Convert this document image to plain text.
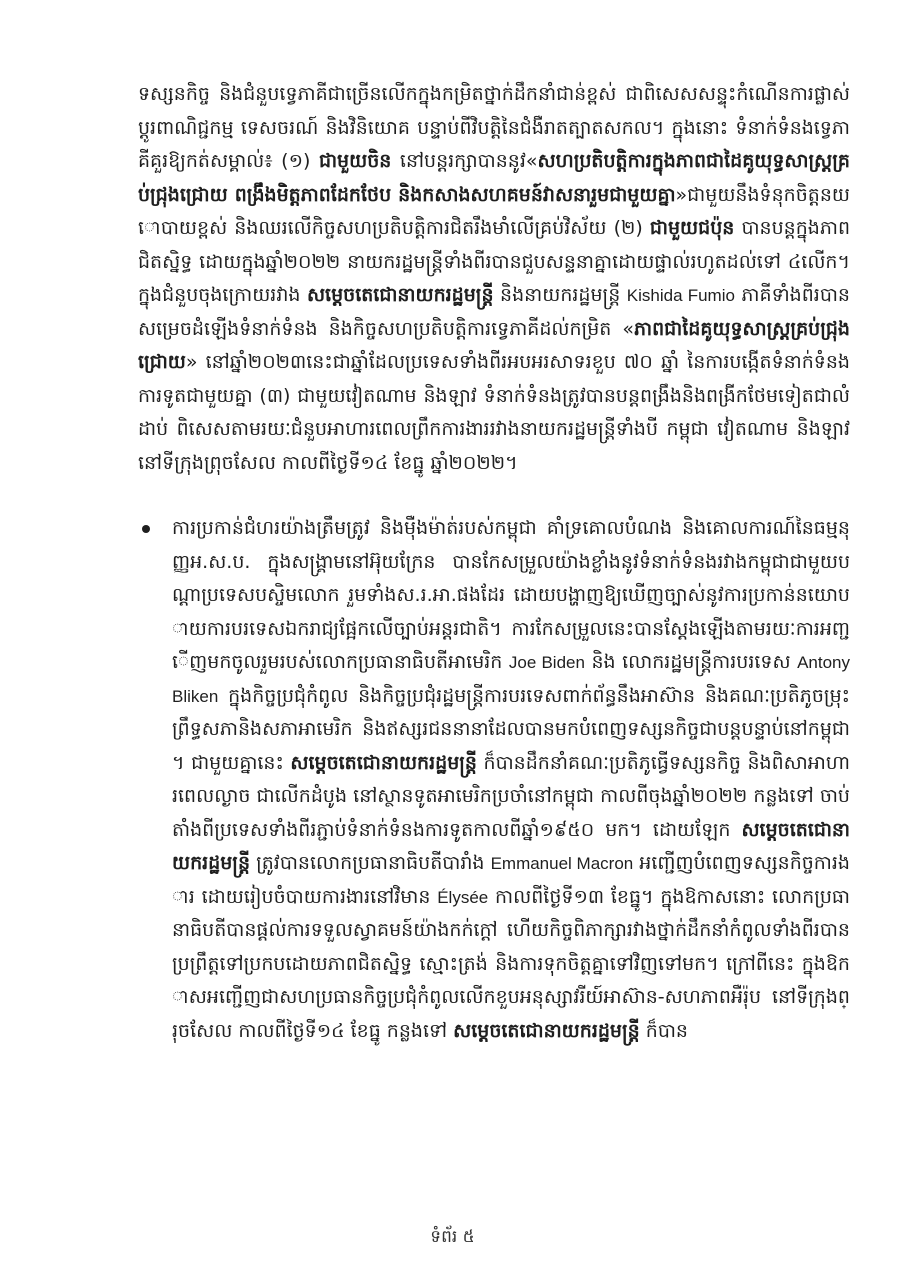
ទស្សនកិច្ច និងជំនួបទ្វេភាគីជាច្រើនលើកក្នុងកម្រិតថ្នាក់ដឹកនាំជាន់ខ្ពស់ ជាពិសេសសន្ទុះកំណើនការផ្លាស់ប្ដូរពាណិជ្ជកម្ម ទេសចរណ៍ និងវិនិយោគ បន្ទាប់ពីវិបត្តិនៃជំងឺរាតត្បាតសកល។ ក្នុងនោះ ទំនាក់ទំនងទ្វេភាគីគួរឱ្យកត់សម្គាល់៖ (១) ជាមួយចិន នៅបន្ដរក្សាបាននូវ«សហប្រតិបត្តិការក្នុងភាពជាដៃគូយុទ្ធសាស្ត្រគ្រប់ជ្រុងជ្រោយ ពង្រឹងមិត្តភាពដែកថែប និងកសាងសហគមន៍វាសនារួមជាមួយគ្នា»ជាមួយនឹងទំនុកចិត្តនយោបាយខ្ពស់ និងឈរលើកិច្ចសហប្រតិបត្តិការជិតរឹងមាំលើគ្រប់វិស័យ (២) ជាមួយជប៉ុន បានបន្តក្នុងភាពជិតស្និទ្ធ ដោយក្នុងឆ្នាំ២០២២ នាយករដ្ឋមន្ត្រីទាំងពីរបានជួបសន្ទនាគ្នាដោយផ្ទាល់រហូតដល់ទៅ ៤លើក។ ក្នុងជំនួបចុងក្រោយរវាង សម្តេចតេជោនាយករដ្ឋមន្ត្រី និងនាយករដ្ឋមន្ត្រី Kishida Fumio ភាគីទាំងពីរបានសម្រេចដំឡើងទំនាក់ទំនង និងកិច្ចសហប្រតិបត្តិការទ្វេភាគីដល់កម្រិត «ភាពជាដៃគូយុទ្ធសាស្ត្រគ្រប់ជ្រុងជ្រោយ» នៅឆ្នាំ២០២៣នេះជាឆ្នាំដែលប្រទេសទាំងពីរអបអរសាទរខួប ៧០ ឆ្នាំ នៃការបង្កើតទំនាក់ទំនងការទូតជាមួយគ្នា (៣) ជាមួយវៀតណាម និងឡាវ ទំនាក់ទំនងត្រូវបានបន្តពង្រឹងនិងពង្រីកថែមទៀតជាលំដាប់ ពិសេសតាមរយៈជំនួបអាហារពេលព្រឹកការងាររវាងនាយករដ្ឋមន្ត្រីទាំងបី កម្ពុជា វៀតណាម និងឡាវ នៅទីក្រុងព្រុចសែល កាលពីថ្ងៃទី១៤ ខែធ្នូ ឆ្នាំ២០២២។

ការប្រកាន់ជំហរយ៉ាងត្រឹមត្រូវ និងម៉ឺងម៉ាត់របស់កម្ពុជា គាំទ្រគោលបំណង និងគោលការណ៍នៃធម្មនុញ្ញអ.ស.ប. ក្នុងសង្គ្រាមនៅអ៊ុយក្រែន បានកែសម្រួលយ៉ាងខ្លាំងនូវទំនាក់ទំនងរវាងកម្ពុជាជាមួយបណ្តាប្រទេសបស្ចិមលោក រួមទាំងស.រ.អា.ផងដែរ ដោយបង្ហាញឱ្យឃើញច្បាស់នូវការប្រកាន់នយោបាយការបរទេសឯករាជ្យផ្អែកលើច្បាប់អន្តរជាតិ។ ការកែសម្រួលនេះបានស្តែងឡើងតាមរយៈការអញ្ជើញមកចូលរួមរបស់លោកប្រធានាធិបតីអាមេរិក Joe Biden និង លោករដ្ឋមន្ត្រីការបរទេស Antony Bliken ក្នុងកិច្ចប្រជុំកំពូល និងកិច្ចប្រជុំរដ្ឋមន្ត្រីការបរទេសពាក់ព័ន្ធនឹងអាស៊ាន និងគណៈប្រតិភូចម្រុះព្រឹទ្ធសភានិងសភាអាមេរិក និងឥស្សរជននានាដែលបានមកបំពេញទស្សនកិច្ចជាបន្តបន្ទាប់នៅកម្ពុជា។ ជាមួយគ្នានេះ សម្តេចតេជោនាយករដ្ឋមន្ត្រី ក៏បានដឹកនាំគណៈប្រតិភូធ្វើទស្សនកិច្ច និងពិសាអាហារពេលល្ងាច ជាលើកដំបូង នៅស្ថានទូតអាមេរិកប្រចាំនៅកម្ពុជា កាលពីចុងឆ្នាំ២០២២ កន្លងទៅ ចាប់តាំងពីប្រទេសទាំងពីរភ្ជាប់ទំនាក់ទំនងការទូតកាលពីឆ្នាំ១៩៥០ មក។ ដោយឡែក សម្តេចតេជោនាយករដ្ឋមន្ត្រី ត្រូវបានលោកប្រធានាធិបតីបារាំង Emmanuel Macron អញ្ជើញបំពេញទស្សនកិច្ចការងារ ដោយរៀបចំបាយការងារនៅវិមាន Élysée កាលពីថ្ងៃទី១៣ ខែធ្នូ។ ក្នុងឱកាសនោះ លោកប្រធានាធិបតីបានផ្តល់ការទទួលស្វាគមន៍យ៉ាងកក់ក្តៅ ហើយកិច្ចពិភាក្សារវាងថ្នាក់ដឹកនាំកំពូលទាំងពីរបានប្រព្រឹត្តទៅប្រកបដោយភាពជិតស្និទ្ធ ស្មោះត្រង់ និងការទុកចិត្តគ្នាទៅវិញទៅមក។ ក្រៅពីនេះ ក្នុងឱកាសអញ្ជើញជាសហប្រធានកិច្ចប្រជុំកំពូលលើកខួបអនុស្សាវរីយ៍អាស៊ាន-សហភាពអឺរ៉ុប នៅទីក្រុងព្រុចសែល កាលពីថ្ងៃទី១៤ ខែធ្នូ កន្លងទៅ សម្តេចតេជោនាយករដ្ឋមន្ត្រី ក៏បាន

ទំព័រ ៥
